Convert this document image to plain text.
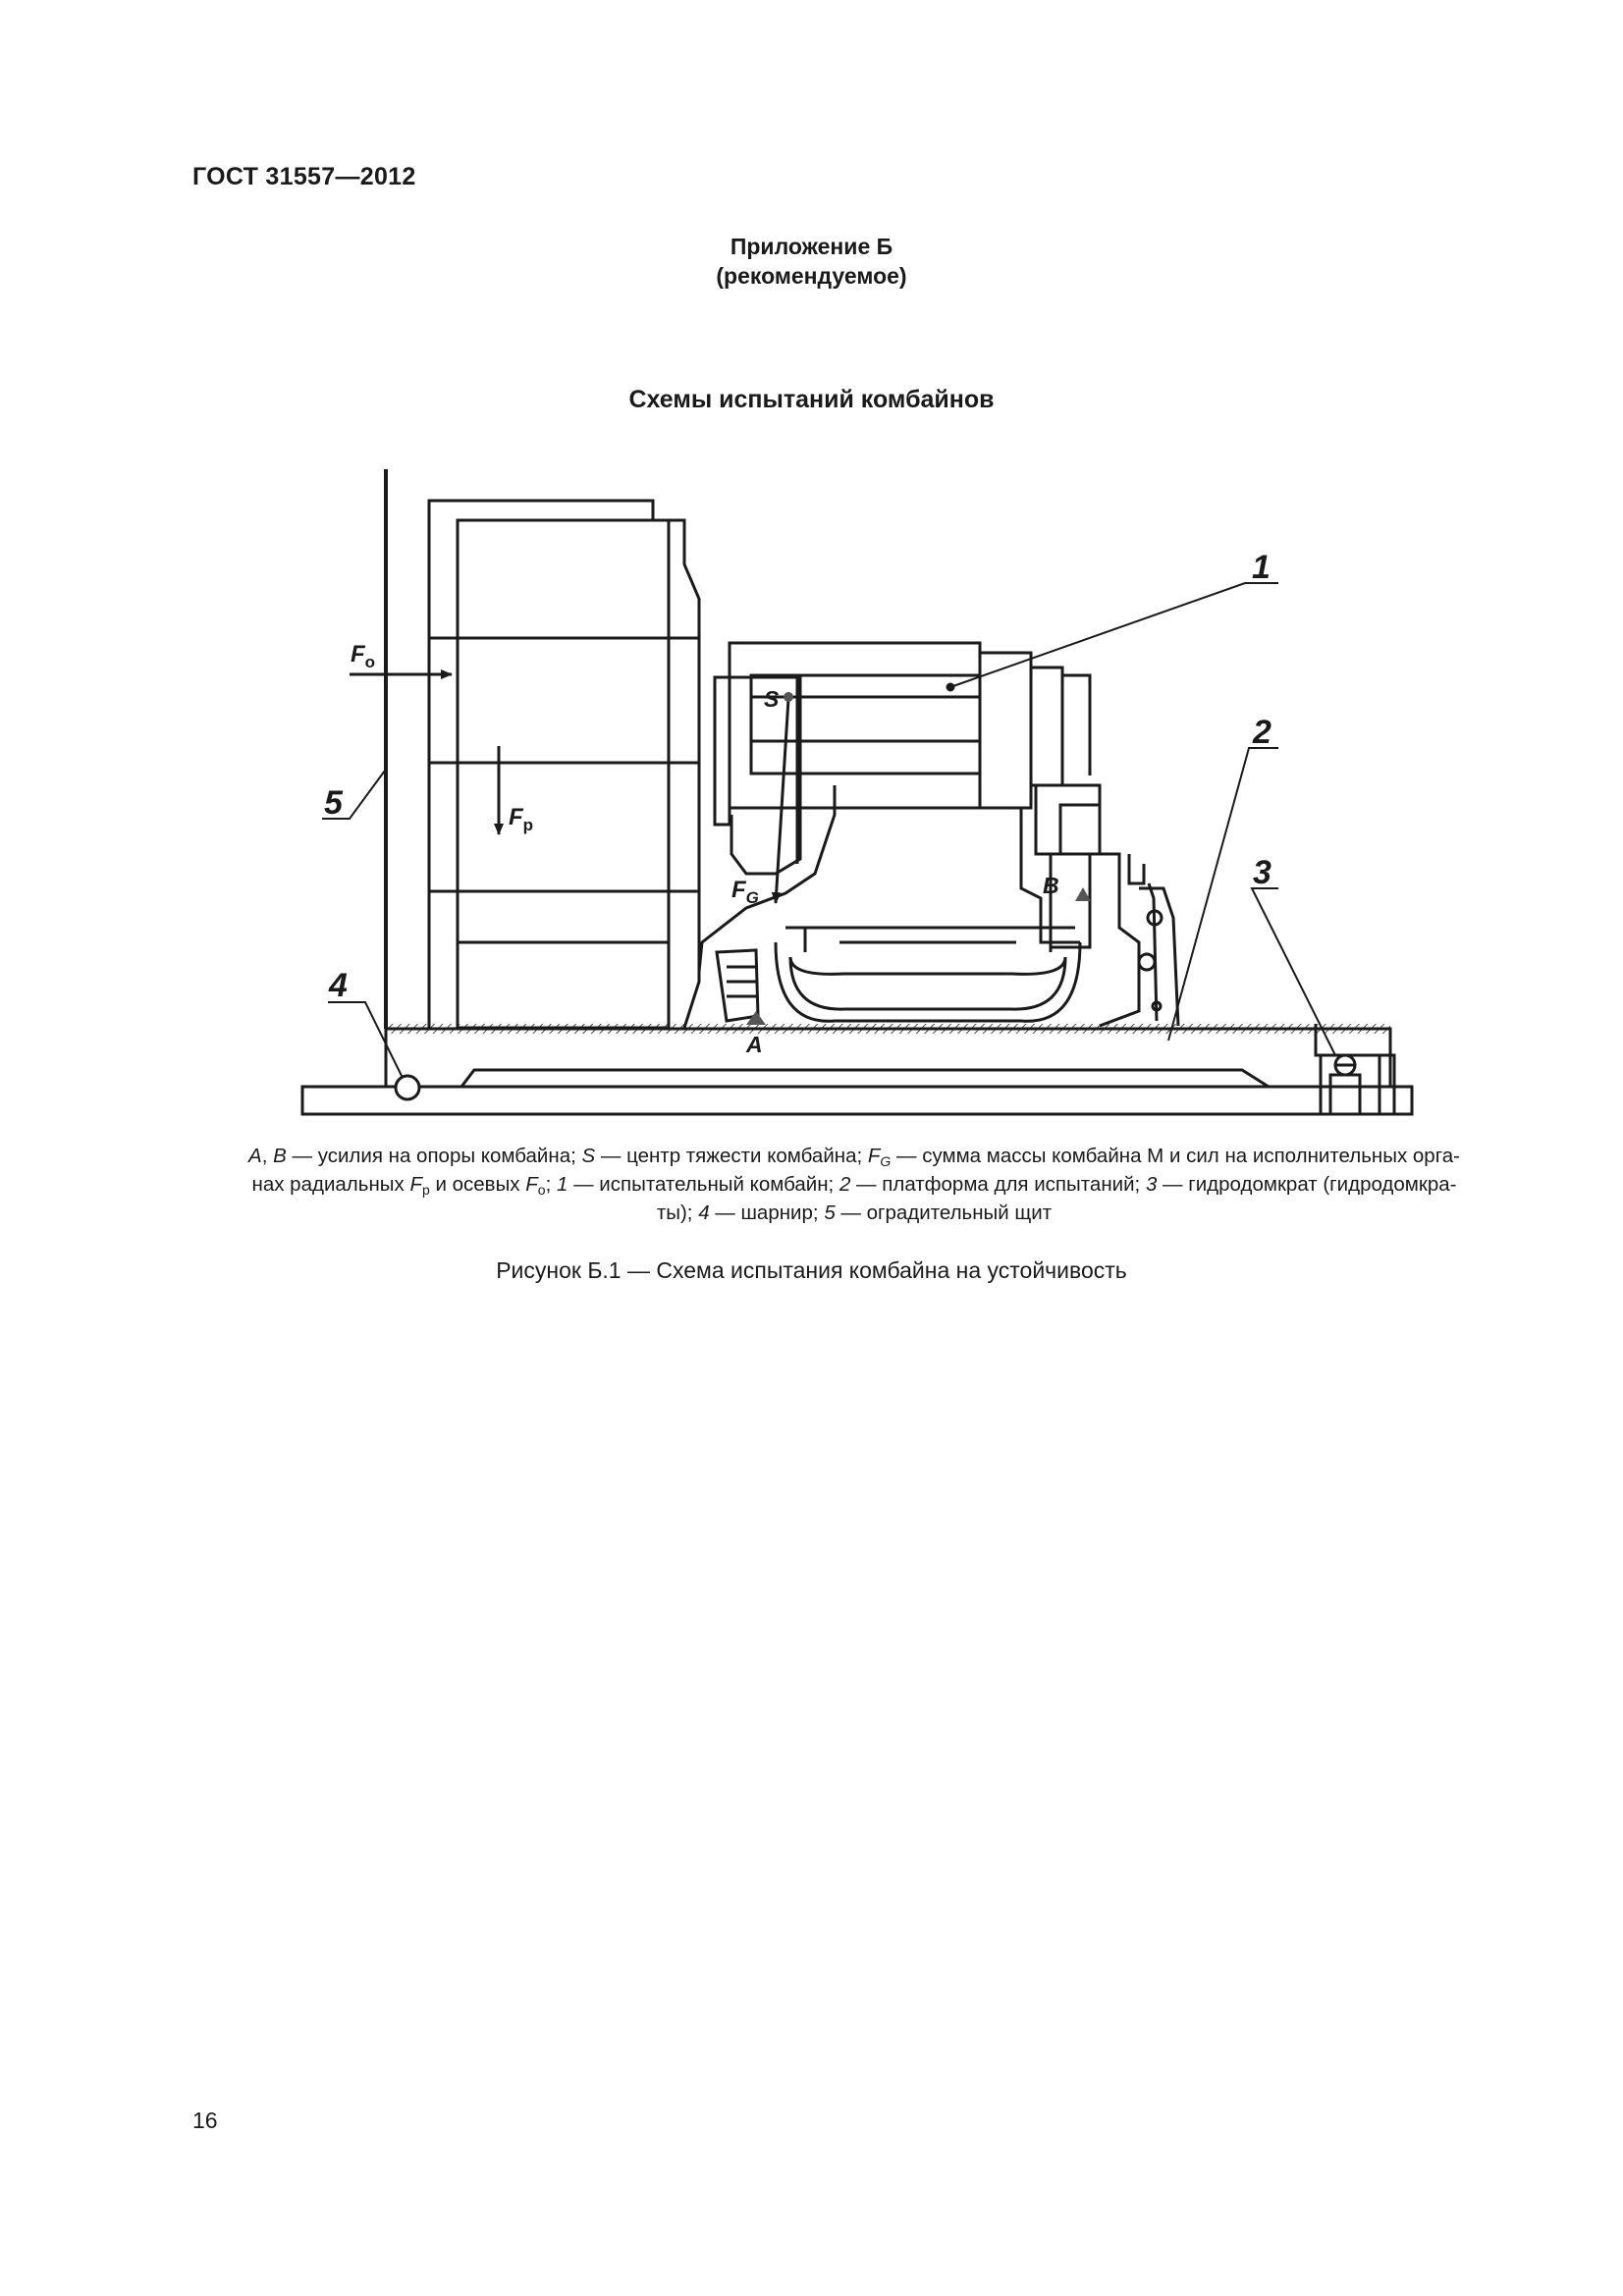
ГОСТ 31557—2012
Приложение Б
(рекомендуемое)
Схемы испытаний комбайнов
1
2
3
4
5
$F_o$
$F_p$
$F_G$
S
A
B
A, B — усилия на опоры комбайна; S — центр тяжести комбайна; $F_G$ — сумма массы комбайна М и сил на исполнительных орга-
нах радиальных $F_р$ и осевых $F_о$; 1 — испытательный комбайн; 2 — платформа для испытаний; 3 — гидродомкрат (гидродомкра-
ты); 4 — шарнир; 5 — оградительный щит
Рисунок Б.1 — Схема испытания комбайна на устойчивость
16
